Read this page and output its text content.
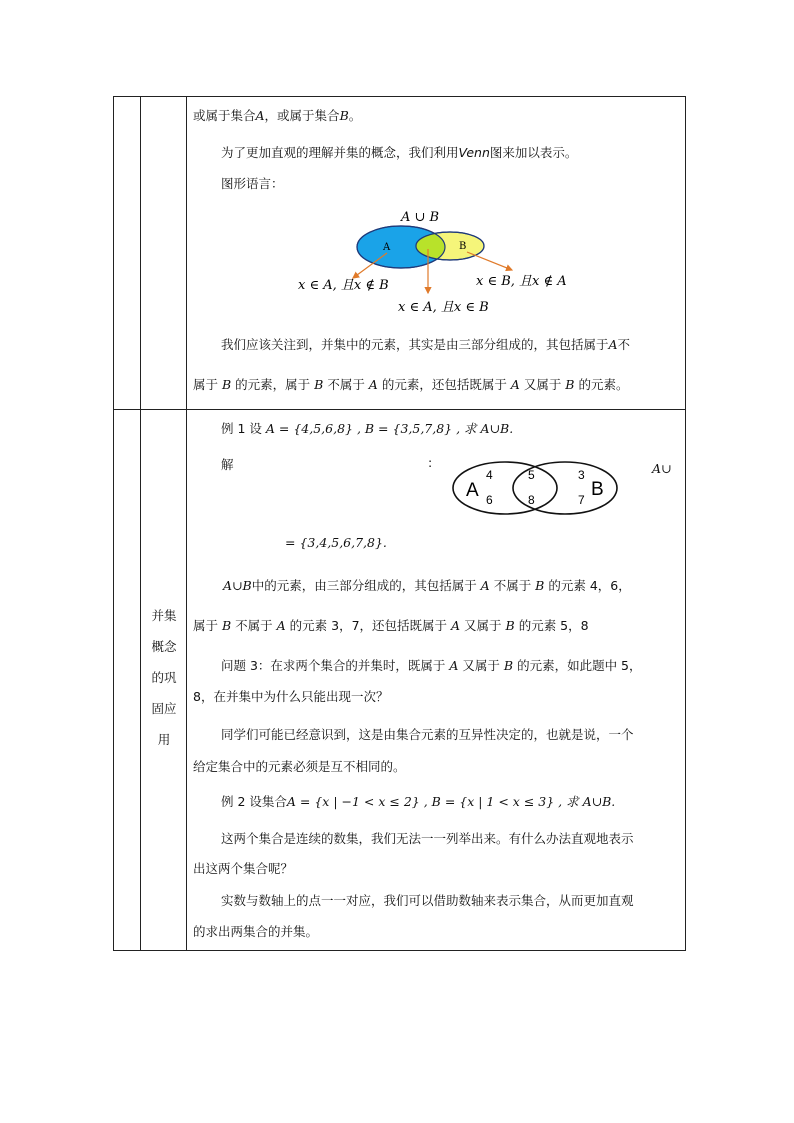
或属于集合A，或属于集合B。
为了更加直观的理解并集的概念，我们利用Venn图来加以表示。
图形语言：
A ∪ B
A	B
x ∈ A, 且x ∉ B	x ∈ B, 且x ∉ A
x ∈ A, 且x ∈ B
我们应该关注到，并集中的元素，其实是由三部分组成的，其包括属于A不
属于 B 的元素，属于 B 不属于 A 的元素，还包括既属于 A 又属于 B 的元素。
并集
概念
的巩
固应
用
例 1 设 A = {4,5,6,8} , B = {3,5,7,8} , 求 A∪B.
解	:	A∪
A	B
4
6
5
8
3
7
= {3,4,5,6,7,8}.
A∪B中的元素，由三部分组成的，其包括属于 A 不属于 B 的元素 4，6，
属于 B 不属于 A 的元素 3，7，还包括既属于 A 又属于 B 的元素 5，8
问题 3：在求两个集合的并集时，既属于 A 又属于 B 的元素，如此题中 5，
8，在并集中为什么只能出现一次？
同学们可能已经意识到，这是由集合元素的互异性决定的，也就是说，一个
给定集合中的元素必须是互不相同的。
例 2 设集合A = {x | −1 < x ≤ 2} , B = {x | 1 < x ≤ 3} , 求 A∪B.
这两个集合是连续的数集，我们无法一一列举出来。有什么办法直观地表示
出这两个集合呢？
实数与数轴上的点一一对应，我们可以借助数轴来表示集合，从而更加直观
的求出两集合的并集。
